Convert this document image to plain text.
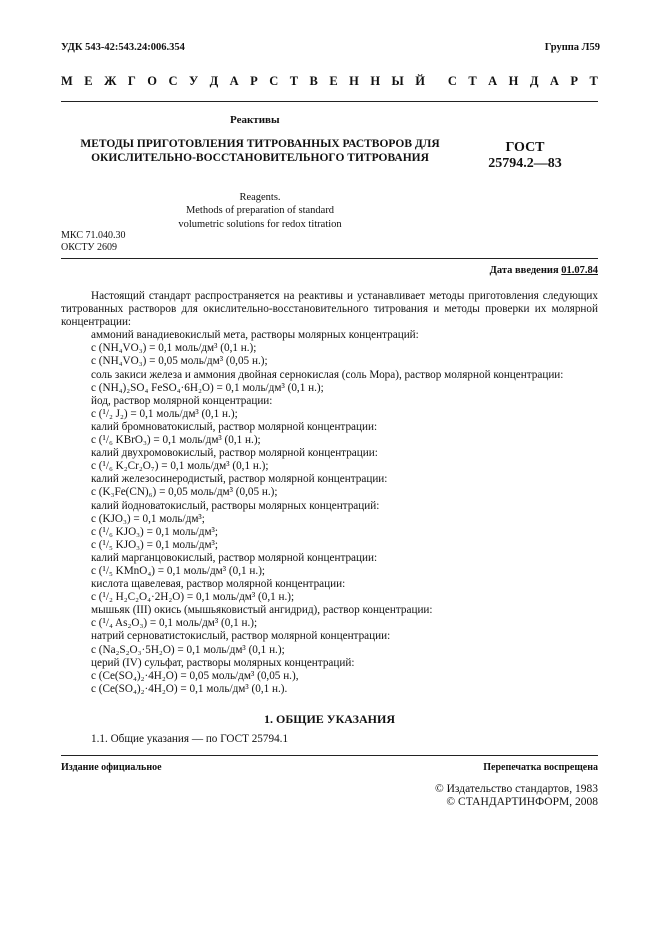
УДК 543-42:543.24:006.354	Группа Л59
М Е Ж Г О С У Д А Р С Т В Е Н Н Ы Й С Т А Н Д А Р Т
Реактивы
МЕТОДЫ ПРИГОТОВЛЕНИЯ ТИТРОВАННЫХ РАСТВОРОВ ДЛЯ ОКИСЛИТЕЛЬНО-ВОССТАНОВИТЕЛЬНОГО ТИТРОВАНИЯ
ГОСТ
25794.2—83
Reagents.
Methods of preparation of standard
volumetric solutions for redox titration
МКС 71.040.30
ОКСТУ 2609
Дата введения 01.07.84

Настоящий стандарт распространяется на реактивы и устанавливает методы приготовления следующих титрованных растворов для окислительно-восстановительного титрования и методы проверки их молярной концентрации:

аммоний ванадиевокислый мета, растворы молярных концентраций:

c (NH₄VO₃) = 0,1 моль/дм³ (0,1 н.);

c (NH₄VO₃) = 0,05 моль/дм³ (0,05 н.);

соль закиси железа и аммония двойная сернокислая (соль Мора), раствор молярной концентрации:

c (NH₄)₂SO₄ FeSO₄·6H₂O) = 0,1 моль/дм³ (0,1 н.);

йод, раствор молярной концентрации:

c (¹/₂ J₂) = 0,1 моль/дм³ (0,1 н.);

калий бромноватокислый, раствор молярной концентрации:

c (¹/₆ KBrO₃) = 0,1 моль/дм³ (0,1 н.);

калий двухромовокислый, раствор молярной концентрации:

c (¹/₆ K₂Cr₂O₇) = 0,1 моль/дм³ (0,1 н.);

калий железосинеродистый, раствор молярной концентрации:

c (K₃Fe(CN)₆) = 0,05 моль/дм³ (0,05 н.);

калий йодноватокислый, растворы молярных концентраций:

c (KJO₃) = 0,1 моль/дм³;

c (¹/₆ KJO₃) = 0,1 моль/дм³;

c (¹/₅ KJO₃) = 0,1 моль/дм³;

калий марганцовокислый, раствор молярной концентрации:

c (¹/₅ KMnO₄) = 0,1 моль/дм³ (0,1 н.);

кислота щавелевая, раствор молярной концентрации:

c (¹/₂ H₂C₂O₄·2H₂O) = 0,1 моль/дм³ (0,1 н.);

мышьяк (III) окись (мышьяковистый ангидрид), раствор концентрации:

c (¹/₄ As₂O₃) = 0,1 моль/дм³ (0,1 н.);

натрий серноватистокислый, раствор молярной концентрации:

c (Na₂S₂O₃·5H₂O) = 0,1 моль/дм³ (0,1 н.);

церий (IV) сульфат, растворы молярных концентраций:

c (Ce(SO₄)₂·4H₂O) = 0,05 моль/дм³ (0,05 н.),

c (Ce(SO₄)₂·4H₂O) = 0,1 моль/дм³ (0,1 н.).

1. ОБЩИЕ УКАЗАНИЯ
1.1. Общие указания — по ГОСТ 25794.1
Издание официальное	Перепечатка воспрещена
© Издательство стандартов, 1983
© СТАНДАРТИНФОРМ, 2008
